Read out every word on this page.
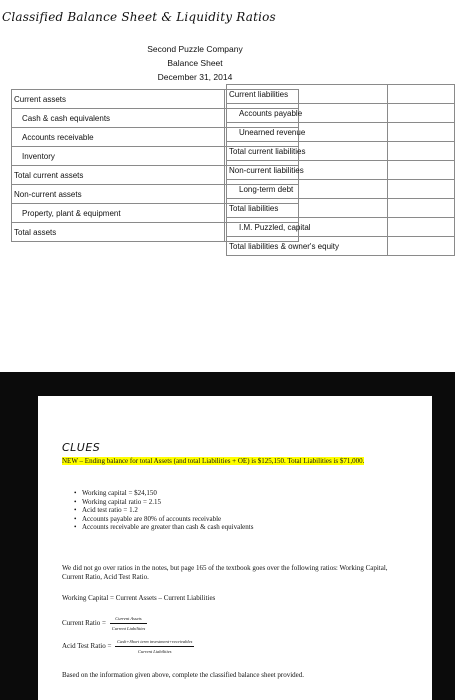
Classified Balance Sheet & Liquidity Ratios
Second Puzzle Company
Balance Sheet
December 31, 2014
Current assets	
Cash & cash equivalents	
Accounts receivable	
Inventory	
Total current assets	
Non-current assets	
Property, plant & equipment	
Total assets	
Current liabilities	
Accounts payable	
Unearned revenue	
Total current liabilities	
Non-current liabilities	
Long-term debt	
Total liabilities	
I.M. Puzzled, capital	
Total liabilities & owner's equity	
CLUES
NEW – Ending balance for total Assets (and total Liabilities + OE) is $125,150. Total Liabilities is $71,000.
• Working capital = $24,150
• Working capital ratio = 2.15
• Acid test ratio = 1.2
• Accounts payable are 80% of accounts receivable
• Accounts receivable are greater than cash & cash equivalents
We did not go over ratios in the notes, but page 165 of the textbook goes over the following ratios: Working Capital, Current Ratio, Acid Test Ratio.
Working Capital = Current Assets – Current Liabilities
Current Ratio = $\frac{\text{Current Assets}}{\text{Current Liabilities}}$
Acid Test Ratio = $\frac{\text{Cash+Short term investment+receivables}}{\text{Current Liabilities}}$
Based on the information given above, complete the classified balance sheet provided.
